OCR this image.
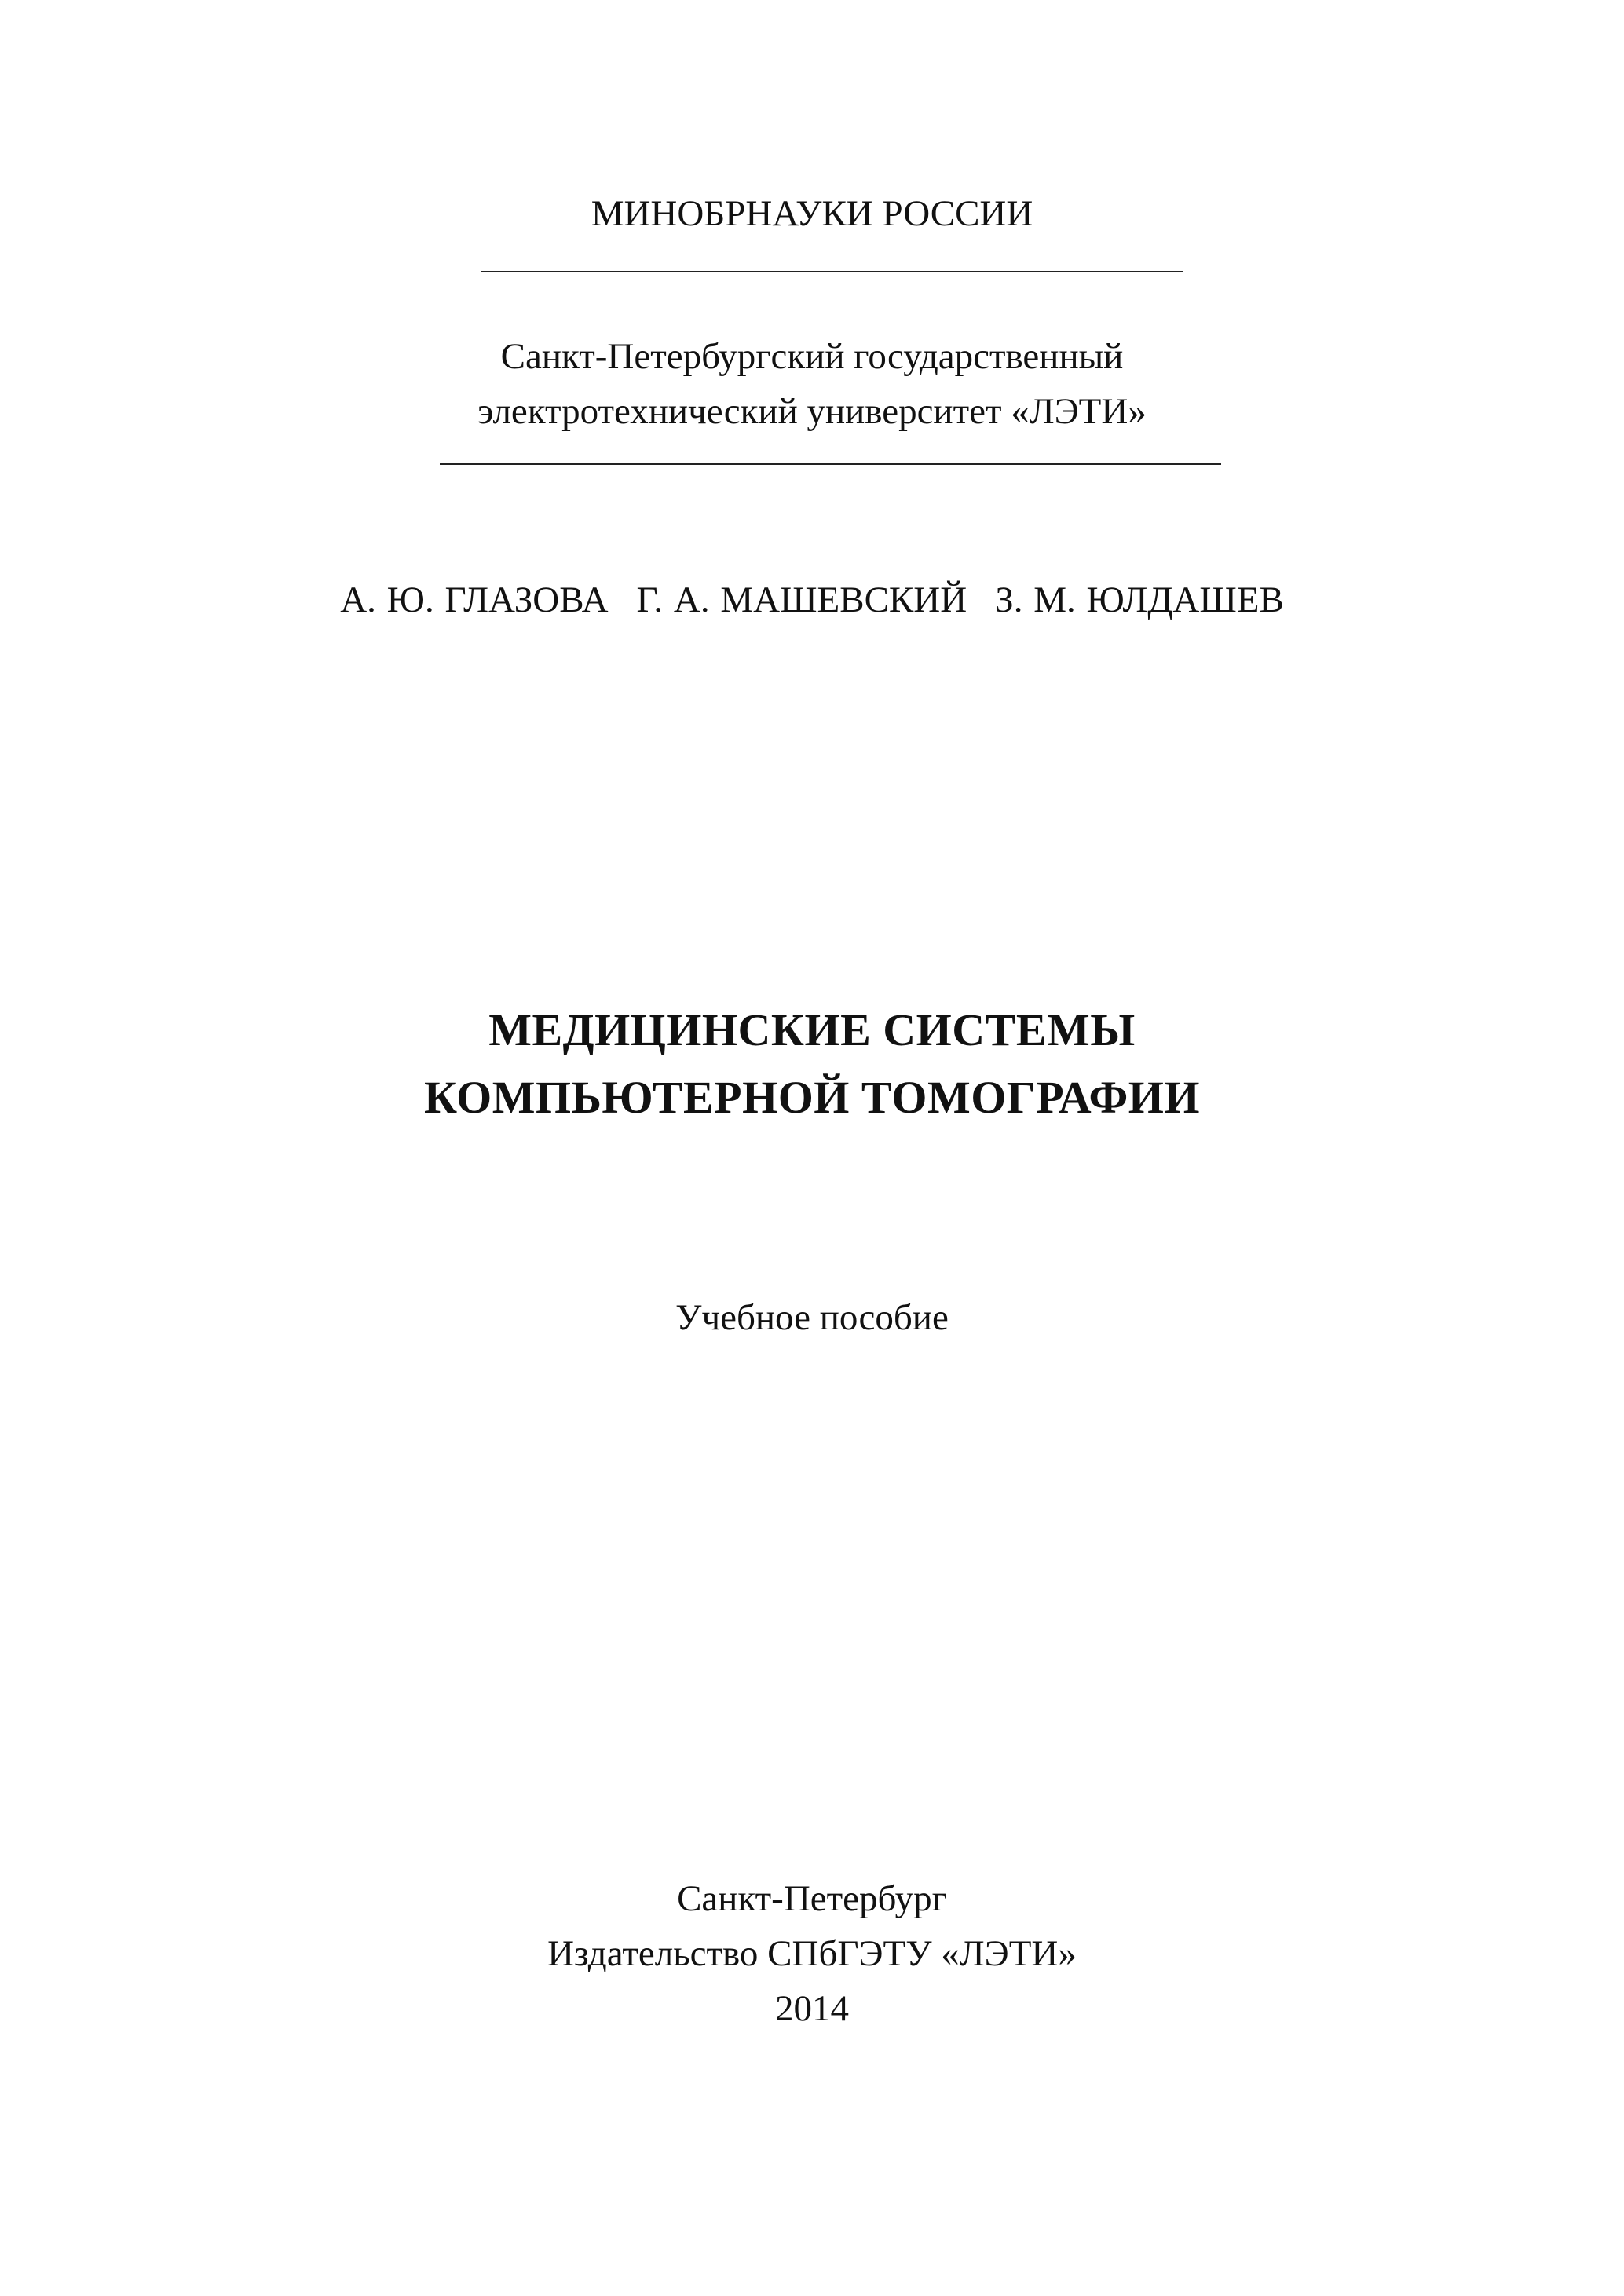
МИНОБРНАУКИ РОССИИ
Санкт-Петербургский государственный
электротехнический университет «ЛЭТИ»
А. Ю. ГЛАЗОВА Г. А. МАШЕВСКИЙ З. М. ЮЛДАШЕВ
МЕДИЦИНСКИЕ СИСТЕМЫ
КОМПЬЮТЕРНОЙ ТОМОГРАФИИ
Учебное пособие
Санкт-Петербург
Издательство СПбГЭТУ «ЛЭТИ»
2014
